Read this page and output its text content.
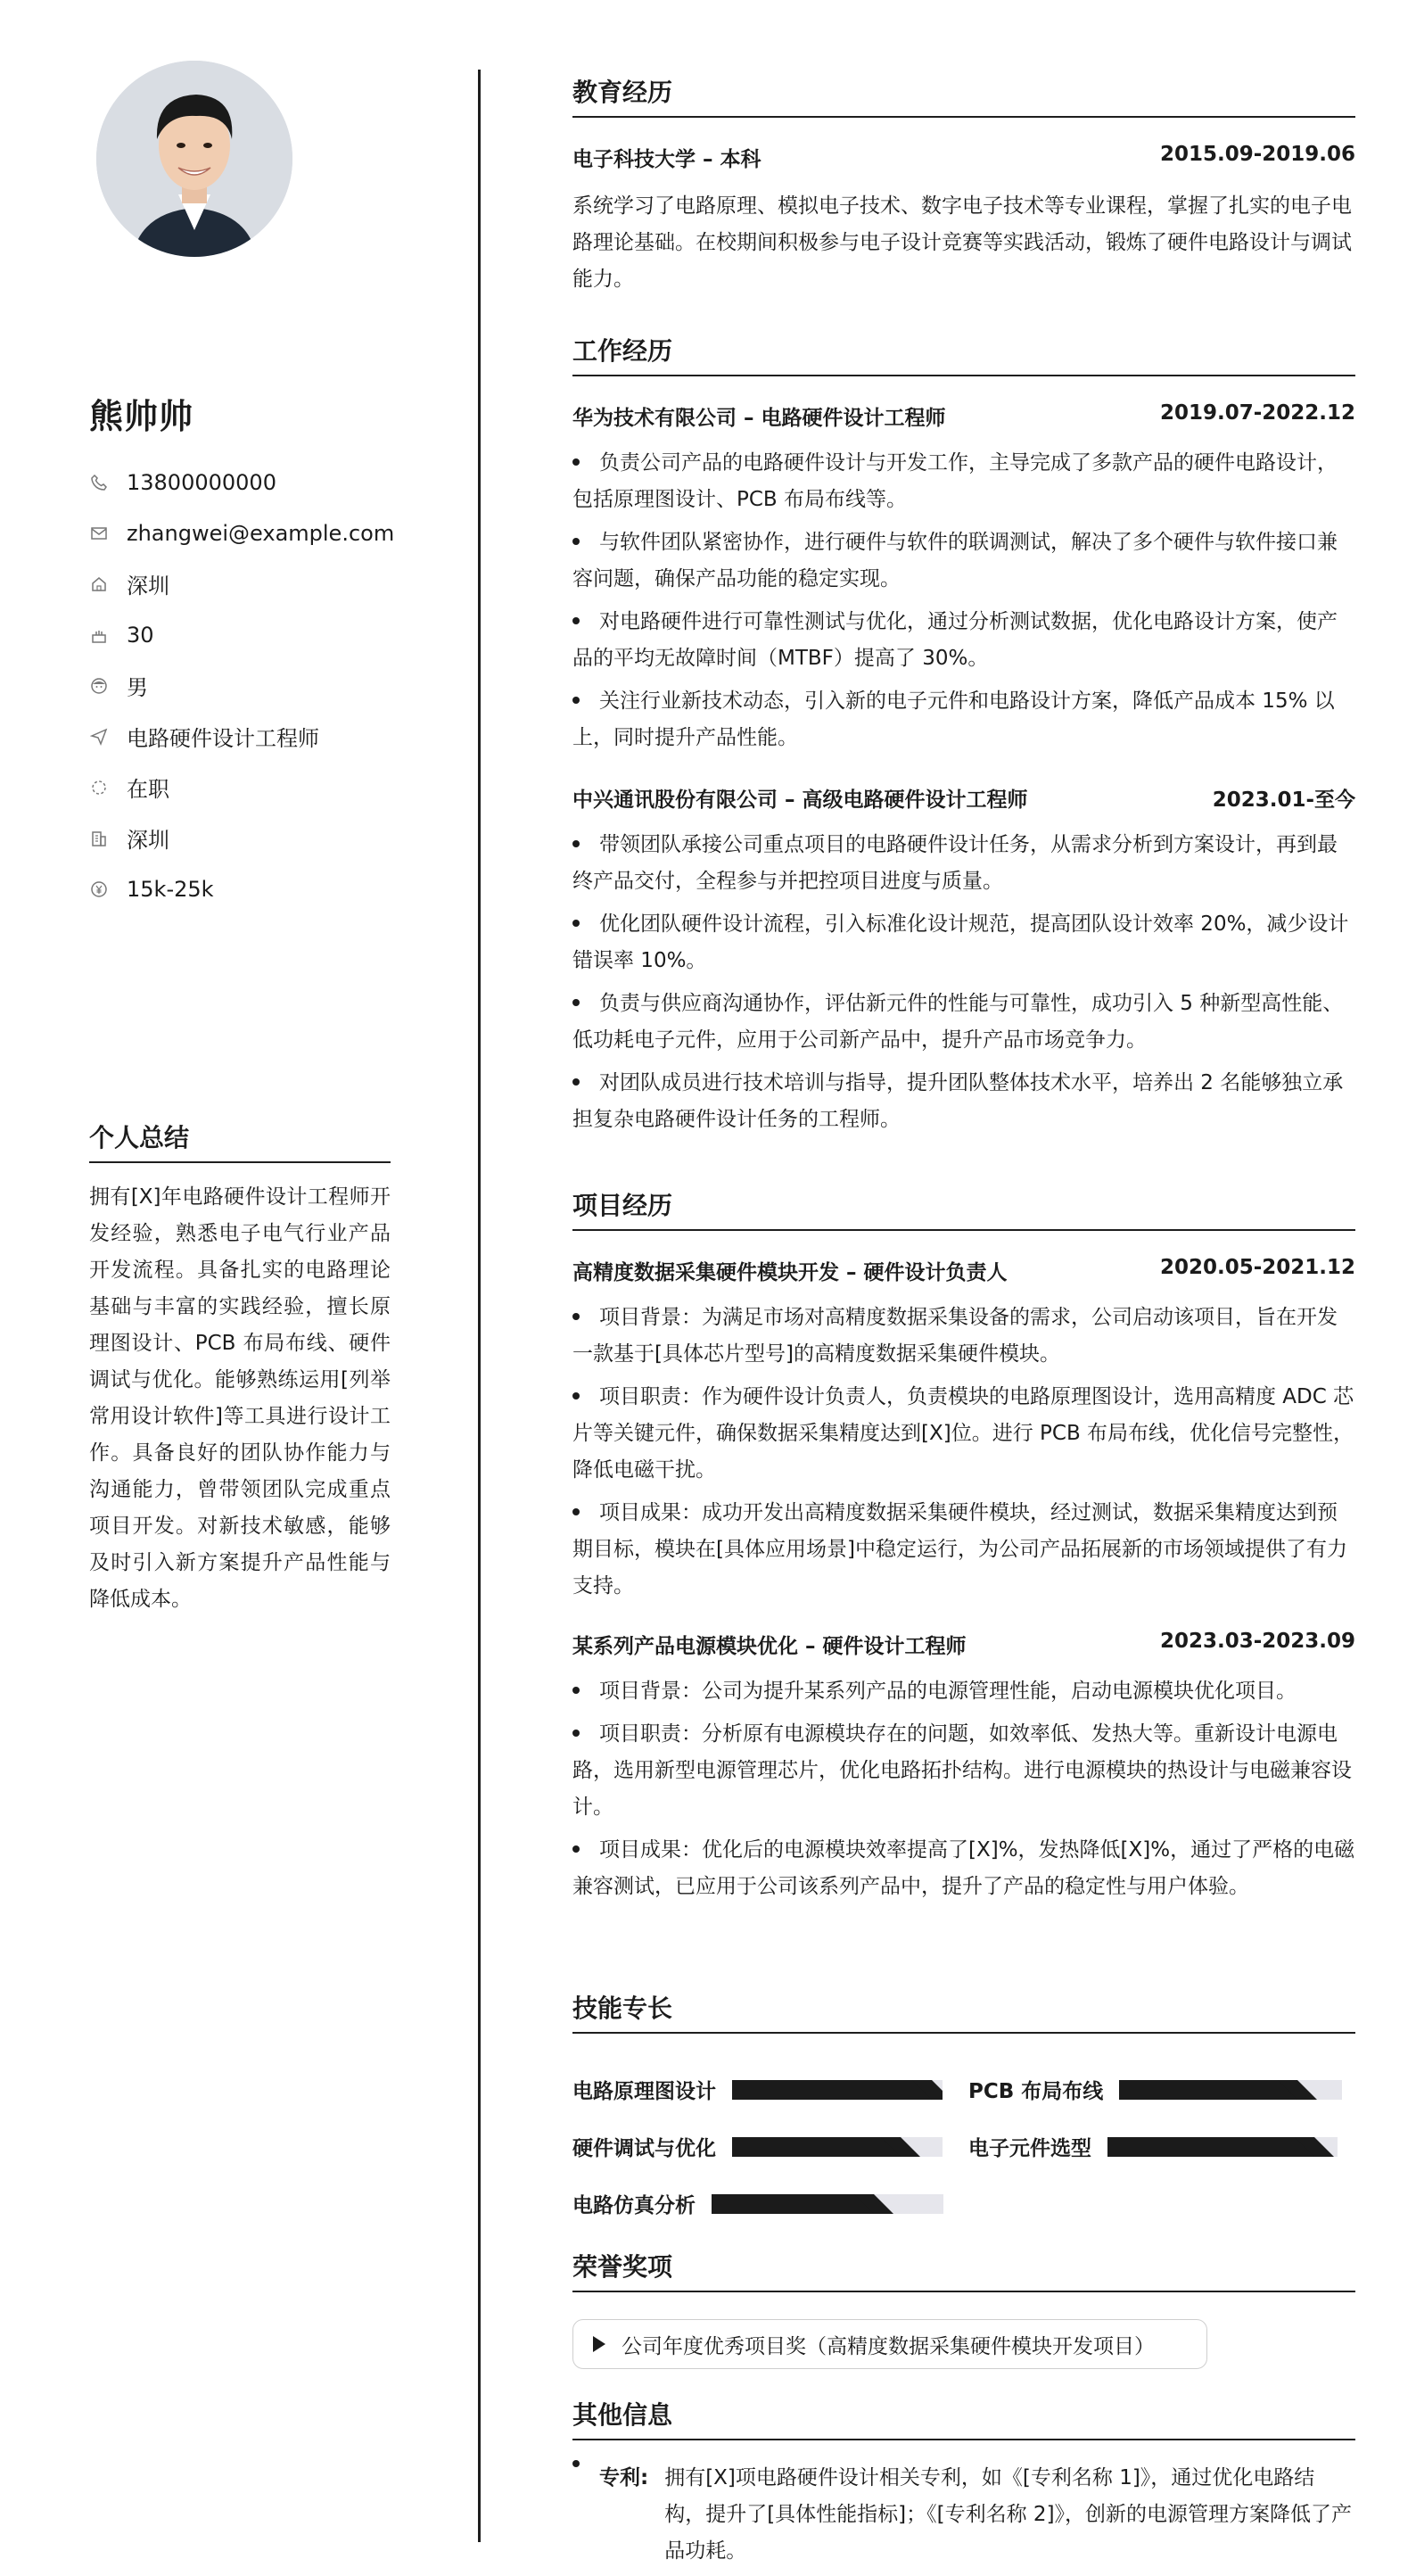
熊帅帅
13800000000
zhangwei@example.com
深圳
30
男
电路硬件设计工程师
在职
深圳
15k-25k
个人总结

拥有[X]年电路硬件设计工程师开发经验，熟悉电子电气行业产品开发流程。具备扎实的电路理论基础与丰富的实践经验，擅长原理图设计、PCB 布局布线、硬件调试与优化。能够熟练运用[列举常用设计软件]等工具进行设计工作。具备良好的团队协作能力与沟通能力，曾带领团队完成重点项目开发。对新技术敏感，能够及时引入新方案提升产品性能与降低成本。

教育经历
电子科技大学 – 本科	2015.09-2019.06

系统学习了电路原理、模拟电子技术、数字电子技术等专业课程，掌握了扎实的电子电路理论基础。在校期间积极参与电子设计竞赛等实践活动，锻炼了硬件电路设计与调试能力。

工作经历
华为技术有限公司 – 电路硬件设计工程师	2019.07-2022.12
负责公司产品的电路硬件设计与开发工作，主导完成了多款产品的硬件电路设计，包括原理图设计、PCB 布局布线等。
与软件团队紧密协作，进行硬件与软件的联调测试，解决了多个硬件与软件接口兼容问题，确保产品功能的稳定实现。
对电路硬件进行可靠性测试与优化，通过分析测试数据，优化电路设计方案，使产品的平均无故障时间（MTBF）提高了 30%。
关注行业新技术动态，引入新的电子元件和电路设计方案，降低产品成本 15% 以上，同时提升产品性能。
中兴通讯股份有限公司 – 高级电路硬件设计工程师	2023.01-至今
带领团队承接公司重点项目的电路硬件设计任务，从需求分析到方案设计，再到最终产品交付，全程参与并把控项目进度与质量。
优化团队硬件设计流程，引入标准化设计规范，提高团队设计效率 20%，减少设计错误率 10%。
负责与供应商沟通协作，评估新元件的性能与可靠性，成功引入 5 种新型高性能、低功耗电子元件，应用于公司新产品中，提升产品市场竞争力。
对团队成员进行技术培训与指导，提升团队整体技术水平，培养出 2 名能够独立承担复杂电路硬件设计任务的工程师。
项目经历
高精度数据采集硬件模块开发 – 硬件设计负责人	2020.05-2021.12
项目背景：为满足市场对高精度数据采集设备的需求，公司启动该项目，旨在开发一款基于[具体芯片型号]的高精度数据采集硬件模块。
项目职责：作为硬件设计负责人，负责模块的电路原理图设计，选用高精度 ADC 芯片等关键元件，确保数据采集精度达到[X]位。进行 PCB 布局布线，优化信号完整性，降低电磁干扰。
项目成果：成功开发出高精度数据采集硬件模块，经过测试，数据采集精度达到预期目标，模块在[具体应用场景]中稳定运行，为公司产品拓展新的市场领域提供了有力支持。
某系列产品电源模块优化 – 硬件设计工程师	2023.03-2023.09
项目背景：公司为提升某系列产品的电源管理性能，启动电源模块优化项目。
项目职责：分析原有电源模块存在的问题，如效率低、发热大等。重新设计电源电路，选用新型电源管理芯片，优化电路拓扑结构。进行电源模块的热设计与电磁兼容设计。
项目成果：优化后的电源模块效率提高了[X]%，发热降低[X]%，通过了严格的电磁兼容测试，已应用于公司该系列产品中，提升了产品的稳定性与用户体验。
技能专长
电路原理图设计	PCB 布局布线
硬件调试与优化	电子元件选型
电路仿真分析
荣誉奖项
公司年度优秀项目奖（高精度数据采集硬件模块开发项目）
其他信息
专利: 拥有[X]项电路硬件设计相关专利，如《[专利名称 1]》，通过优化电路结构，提升了[具体性能指标]；《[专利名称 2]》，创新的电源管理方案降低了产品功耗。
